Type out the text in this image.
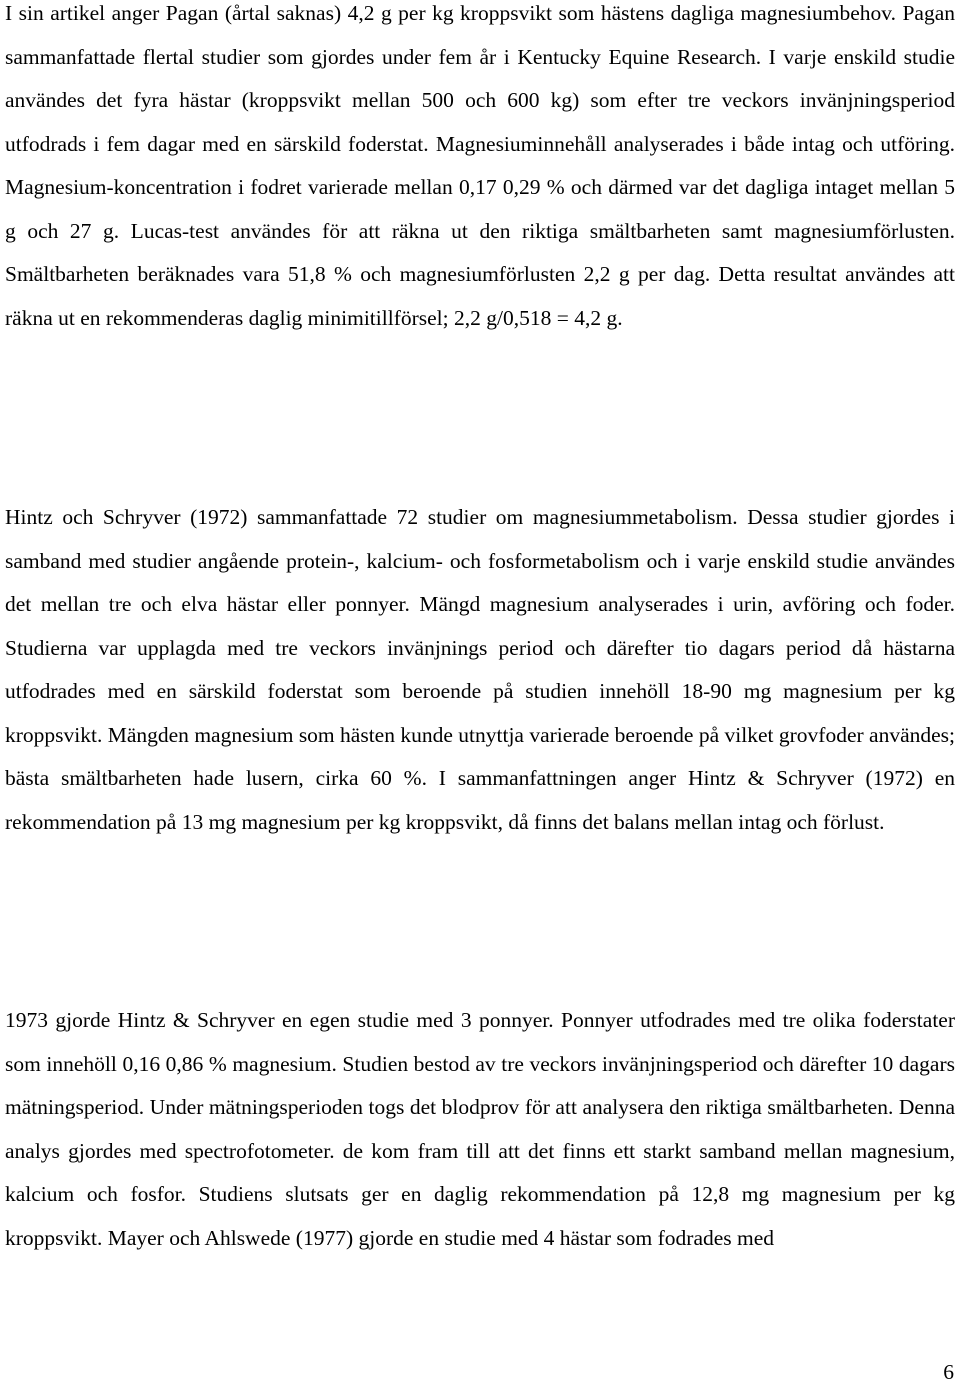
I sin artikel anger Pagan (årtal saknas) 4,2 g per kg kroppsvikt som hästens dagliga magnesiumbehov. Pagan sammanfattade flertal studier som gjordes under fem år i Kentucky Equine Research. I varje enskild studie användes det fyra hästar (kroppsvikt mellan 500 och 600 kg) som efter tre veckors invänjningsperiod utfodrads i fem dagar med en särskild foderstat. Magnesiuminnehåll analyserades i både intag och utföring. Magnesium-koncentration i fodret varierade mellan 0,17 0,29 % och därmed var det dagliga intaget mellan 5 g och 27 g. Lucas-test användes för att räkna ut den riktiga smältbarheten samt magnesiumförlusten. Smältbarheten beräknades vara 51,8 % och magnesiumförlusten 2,2 g per dag. Detta resultat användes att räkna ut en rekommenderas daglig minimitillförsel; 2,2 g/0,518 = 4,2 g.

Hintz och Schryver (1972) sammanfattade 72 studier om magnesiummetabolism. Dessa studier gjordes i samband med studier angående protein-, kalcium- och fosformetabolism och i varje enskild studie användes det mellan tre och elva hästar eller ponnyer. Mängd magnesium analyserades i urin, avföring och foder. Studierna var upplagda med tre veckors invänjnings period och därefter tio dagars period då hästarna utfodrades med en särskild foderstat som beroende på studien innehöll 18-90 mg magnesium per kg kroppsvikt. Mängden magnesium som hästen kunde utnyttja varierade beroende på vilket grovfoder användes; bästa smältbarheten hade lusern, cirka 60 %. I sammanfattningen anger Hintz & Schryver (1972) en rekommendation på 13 mg magnesium per kg kroppsvikt, då finns det balans mellan intag och förlust.

1973 gjorde Hintz & Schryver en egen studie med 3 ponnyer. Ponnyer utfodrades med tre olika foderstater som innehöll 0,16 0,86 % magnesium. Studien bestod av tre veckors invänjningsperiod och därefter 10 dagars mätningsperiod. Under mätningsperioden togs det blodprov för att analysera den riktiga smältbarheten. Denna analys gjordes med spectrofotometer. de kom fram till att det finns ett starkt samband mellan magnesium, kalcium och fosfor. Studiens slutsats ger en daglig rekommendation på 12,8 mg magnesium per kg kroppsvikt. Mayer och Ahlswede (1977) gjorde en studie med 4 hästar som fodrades med

6
